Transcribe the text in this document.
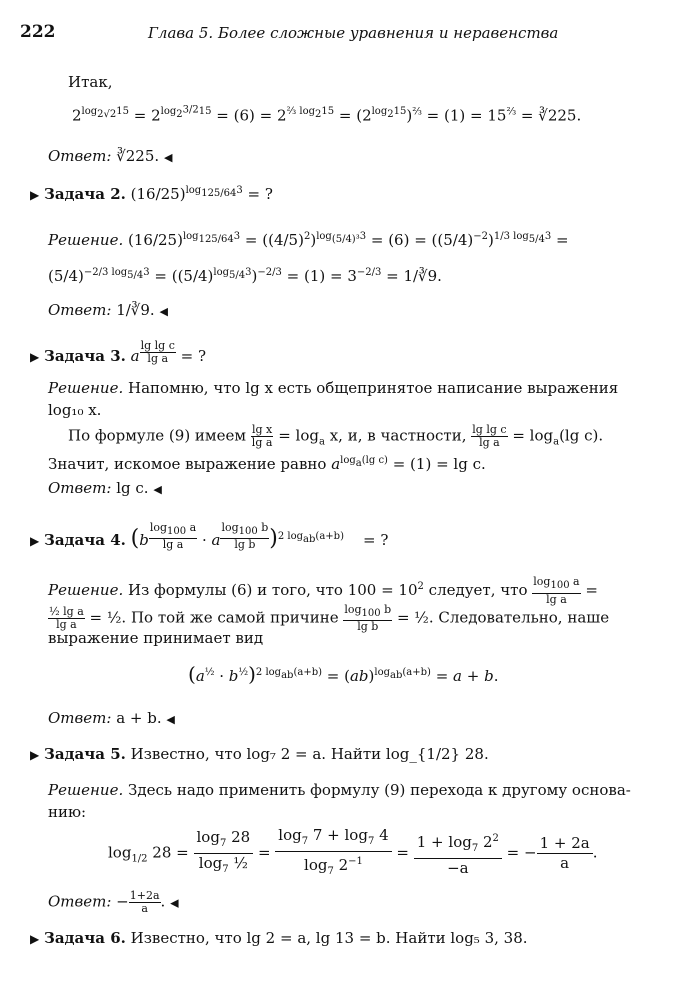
222	Глава 5. Более сложные уравнения и неравенства
Итак,
$2^{log_{2√2}15} = 2^{log_{2^{3/2}}15} = (6) = 2^{\frac{2}{3} log_215} = (2^{log_215})^{\frac{2}{3}} = (1) = 15^{\frac{2}{3}}$ = ∛225.
Ответ: ∛225. ◀
▶ Задача 2. $(16/25)^{log_{125/64}3}$ = ?
Решение. $(16/25)^{log_{125/64}3} = ((4/5)^2)^{log_{(5/4)^3}3} = (6) = ((5/4)^{-2})^{1/3 log_{5/4}3}$ =
$(5/4)^{-2/3 log_{5/4}3} = ((5/4)^{log_{5/4}3})^{-2/3} = (1) = 3^{-2/3}$ = 1/∛9.
Ответ: 1/∛9. ◀
▶ Задача 3. a $^{\frac{\text{lg lg c}}{\text{lg a}}}$ = ?
Решение. Напомню, что lg x есть общепринятое написание выражения
log₁₀ x.
По формуле (9) имеем $\frac{\text{lg x}}{\text{lg a}} = \log_a x$, и, в частности, $\frac{\text{lg lg c}}{\text{lg a}} = \log_a(\lg$ c).
Значит, искомое выражение равно $a^{log_a(lg c)} = (1) = \lg c$.
Ответ: lg c. ◀
▶ Задача 4. (b $^{\frac{\log_{100} a}{\text{lg a}}}$ · a $^{\frac{\log_{100} b}{\text{lg b}}}$ )$^{2 log_{ab}(a+b)}$    = ?
Решение. Из формулы (6) и того, что $100 = 10^2$ следует, что $\frac{\log_{100} a}{\text{lg a}}$ =
$\frac{\text{½ lg a}}{\text{lg a}}$ = ½. По той же самой причине $\frac{\log_{100} b}{\text{lg b}}$ = ½. Следовательно, наше
выражение принимает вид
$(a^{\frac{1}{2}} \cdot b^{\frac{1}{2}})^{2 log_{ab}(a+b)} = (ab)^{log_{ab}(a+b)} = a + b$.
Ответ: a + b. ◀
▶ Задача 5. Известно, что log₇ 2 = a. Найти log_{1/2} 28.
Решение. Здесь надо применить формулу (9) перехода к другому основа-
нию:
$\log_{1/2} 28 = \frac{\log_7 28}{\log_7 \frac{1}{2}} = \frac{\log_7 7 + \log_7 4}{\log_7 2^{-1}} = \frac{1 + \log_7 2^2}{-a}$ = − $\frac{1 + 2a}{a}$ .
Ответ: − $\frac{1+2a}{a}$ . ◀
▶ Задача 6. Известно, что lg 2 = a, lg 13 = b. Найти log₅ 3, 38.
